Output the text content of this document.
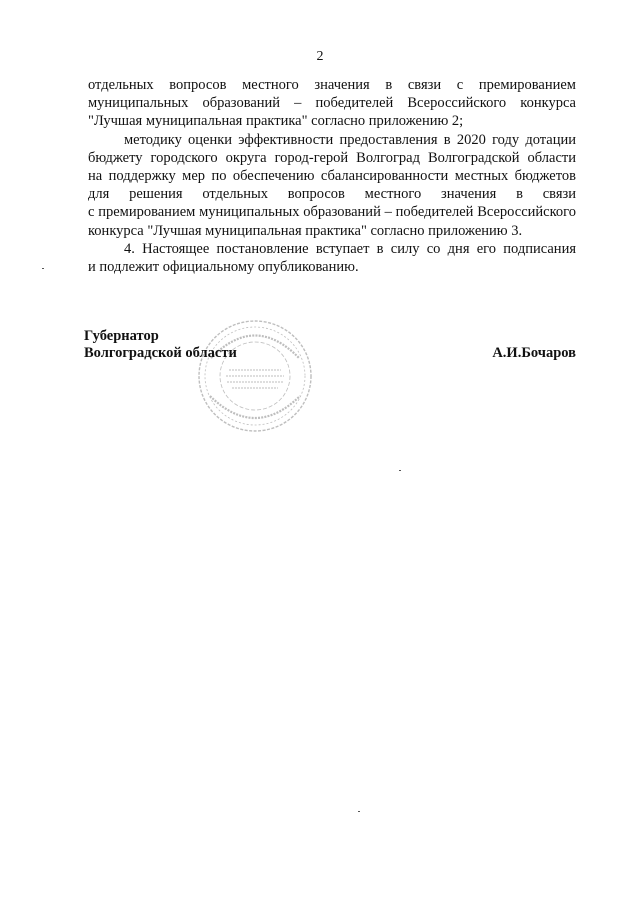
2

отдельных вопросов местного значения в связи с премированием
муниципальных образований – победителей Всероссийского конкурса
"Лучшая муниципальная практика" согласно приложению 2;

методику оценки эффективности предоставления в 2020 году дотации
бюджету городского округа город-герой Волгоград Волгоградской области
на поддержку мер по обеспечению сбалансированности местных бюджетов
для решения отдельных вопросов местного значения в связи
с премированием муниципальных образований – победителей Всероссийского
конкурса "Лучшая муниципальная практика" согласно приложению 3.

4. Настоящее постановление вступает в силу со дня его подписания
и подлежит официальному опубликованию.

Губернатор
Волгоградской области	А.И.Бочаров
